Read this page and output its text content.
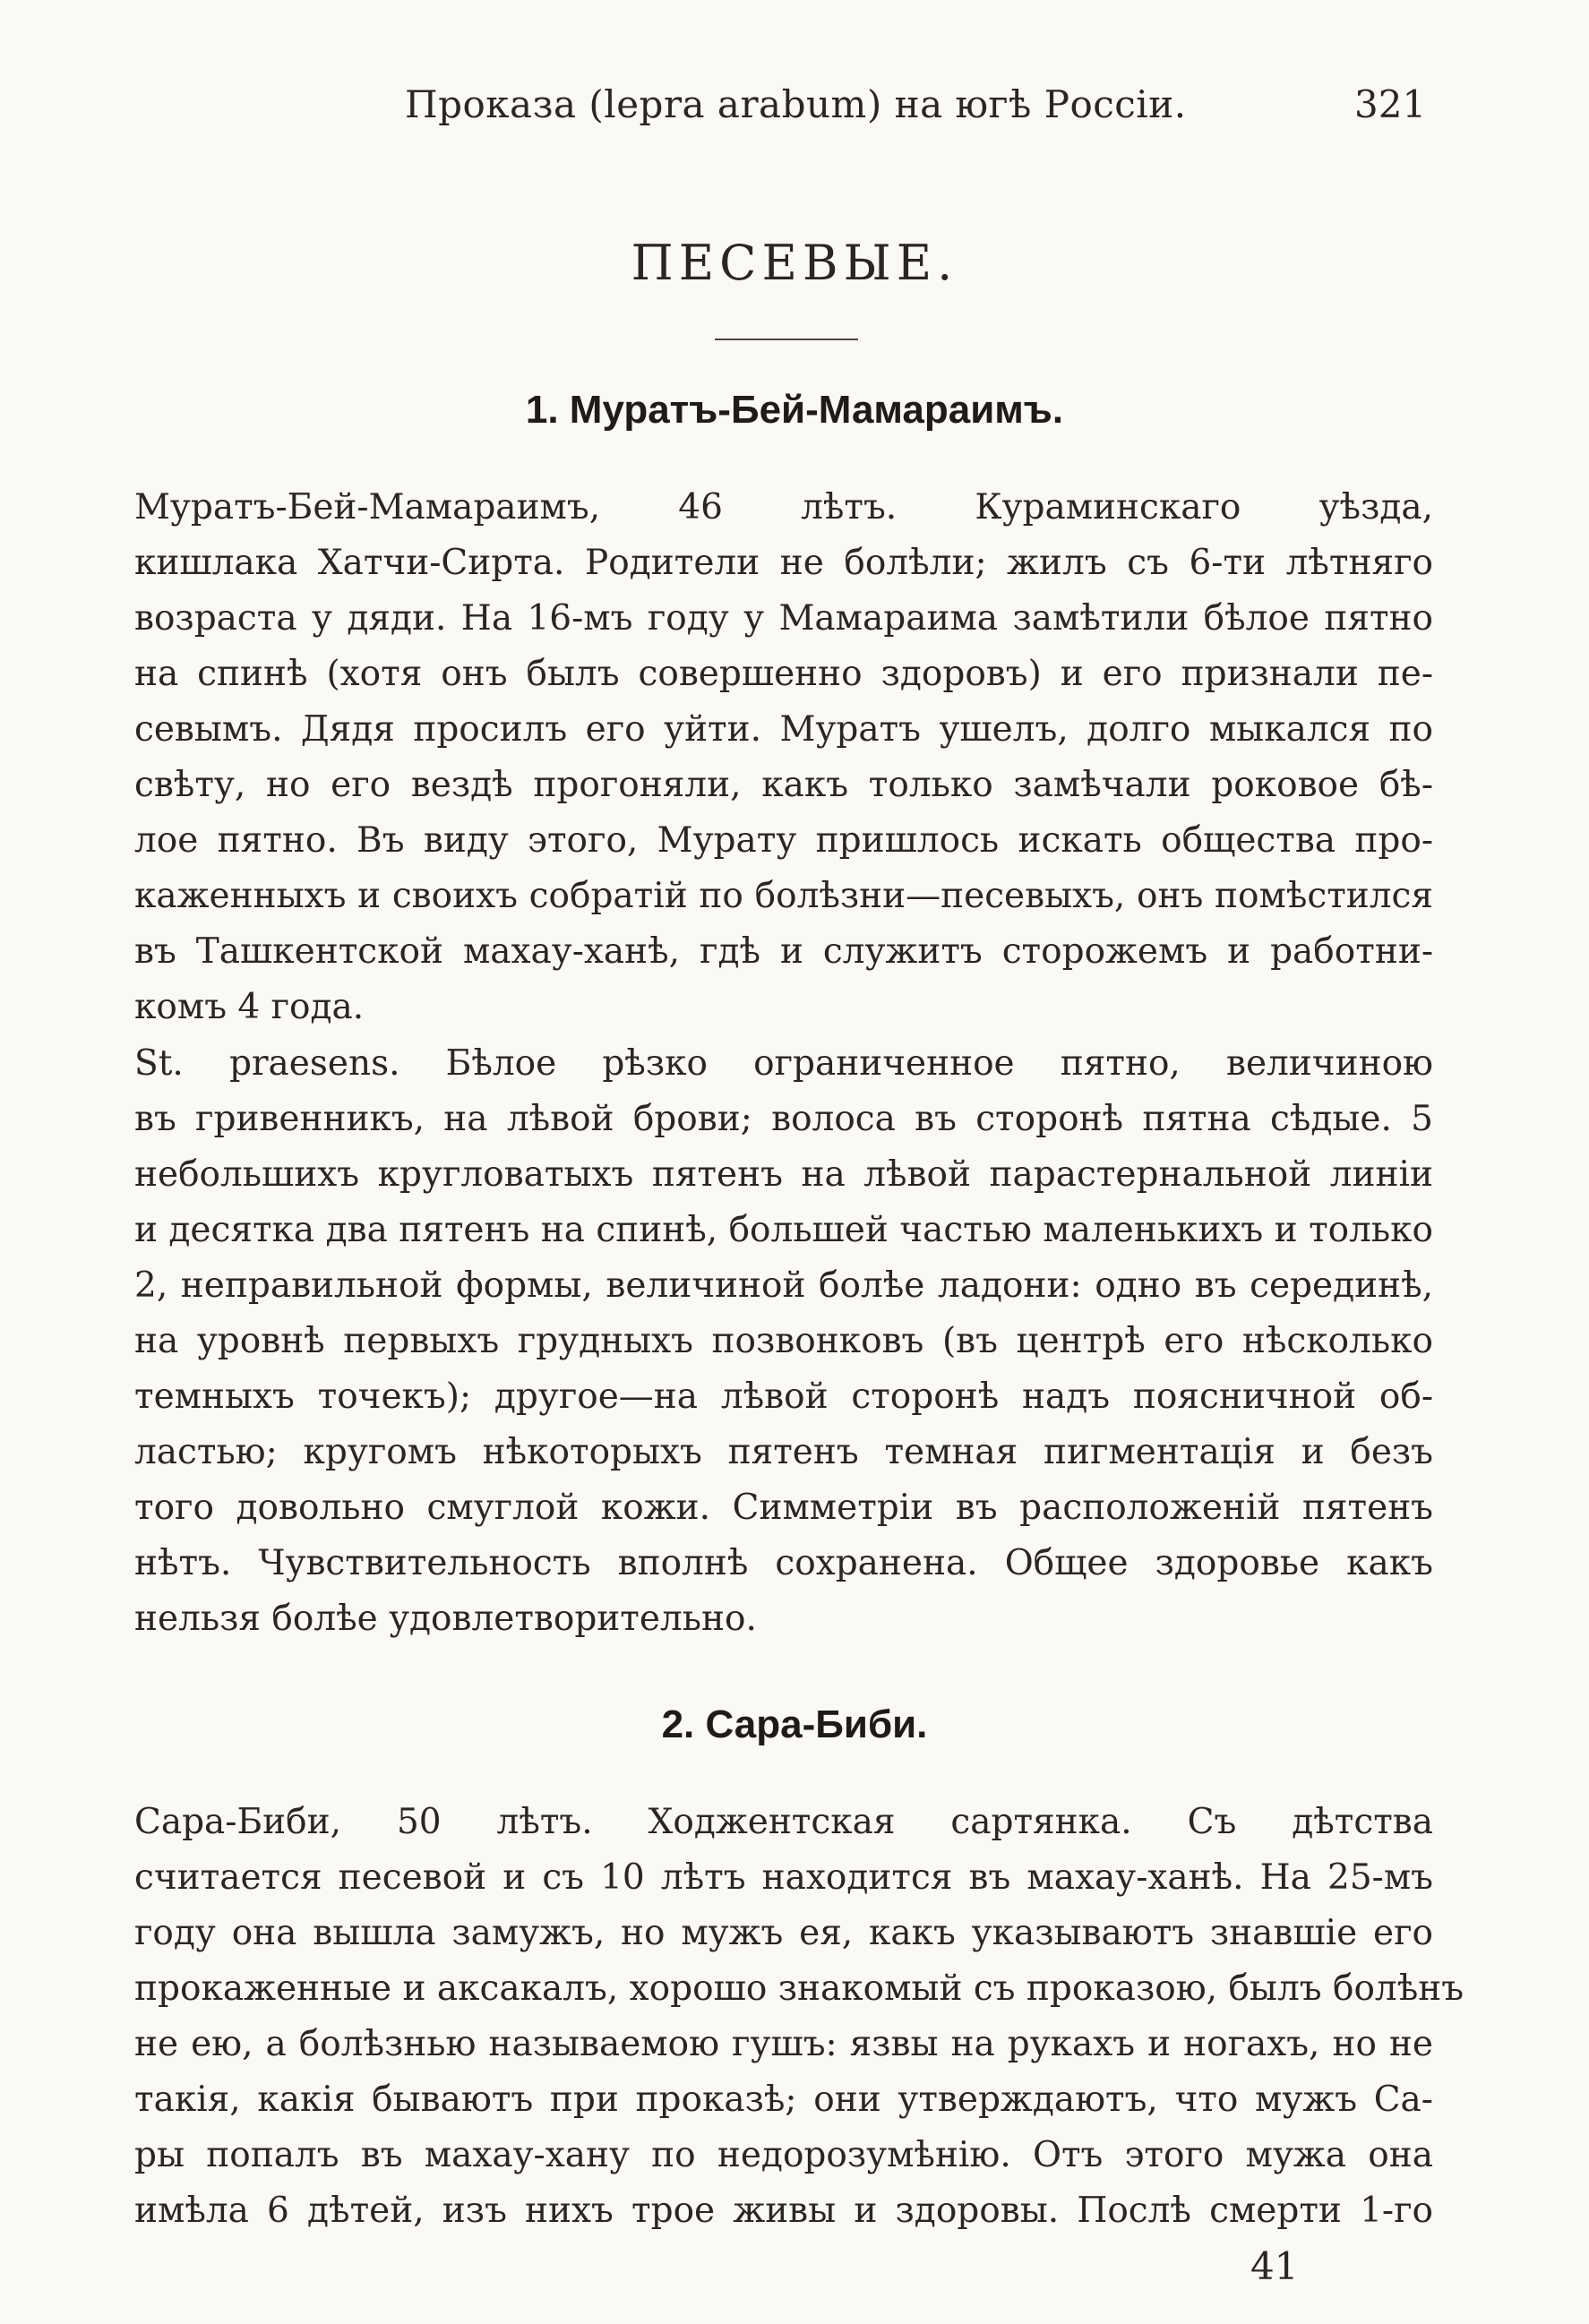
Проказа (lepra arabum) на югѣ Россіи.	321
ПЕСЕВЫЕ.
1. Муратъ-Бей-Мамараимъ.
Муратъ-Бей-Мамараимъ, 46 лѣтъ. Кураминскаго уѣзда,
кишлака Хатчи-Сирта. Родители не болѣли; жилъ съ 6-ти лѣтняго
возраста у дяди. На 16-мъ году у Мамараима замѣтили бѣлое пятно
на спинѣ (хотя онъ былъ совершенно здоровъ) и его признали пе-
севымъ. Дядя просилъ его уйти. Муратъ ушелъ, долго мыкался по
свѣту, но его вездѣ прогоняли, какъ только замѣчали роковое бѣ-
лое пятно. Въ виду этого, Мурату пришлось искать общества про-
каженныхъ и своихъ собратій по болѣзни—песевыхъ, онъ помѣстился
въ Ташкентской махау-ханѣ, гдѣ и служитъ сторожемъ и работни-
комъ 4 года.
St. praesens. Бѣлое рѣзко ограниченное пятно, величиною
въ гривенникъ, на лѣвой брови; волоса въ сторонѣ пятна сѣдые. 5
небольшихъ кругловатыхъ пятенъ на лѣвой парастернальной линіи
и десятка два пятенъ на спинѣ, большей частью маленькихъ и только
2, неправильной формы, величиной болѣе ладони: одно въ серединѣ,
на уровнѣ первыхъ грудныхъ позвонковъ (въ центрѣ его нѣсколько
темныхъ точекъ); другое—на лѣвой сторонѣ надъ поясничной об-
ластью; кругомъ нѣкоторыхъ пятенъ темная пигментація и безъ
того довольно смуглой кожи. Симметріи въ расположеній пятенъ
нѣтъ. Чувствительность вполнѣ сохранена. Общее здоровье какъ
нельзя болѣе удовлетворительно.
2. Сара-Биби.
Сара-Биби, 50 лѣтъ. Ходжентская сартянка. Съ дѣтства
считается песевой и съ 10 лѣтъ находится въ махау-ханѣ. На 25-мъ
году она вышла замужъ, но мужъ ея, какъ указываютъ знавшіе его
прокаженные и аксакалъ, хорошо знакомый съ проказою, былъ болѣнъ
не ею, а болѣзнью называемою гушъ: язвы на рукахъ и ногахъ, но не
такія, какія бываютъ при проказѣ; они утверждаютъ, что мужъ Са-
ры попалъ въ махау-хану по недорозумѣнію. Отъ этого мужа она
имѣла 6 дѣтей, изъ нихъ трое живы и здоровы. Послѣ смерти 1-го
41
